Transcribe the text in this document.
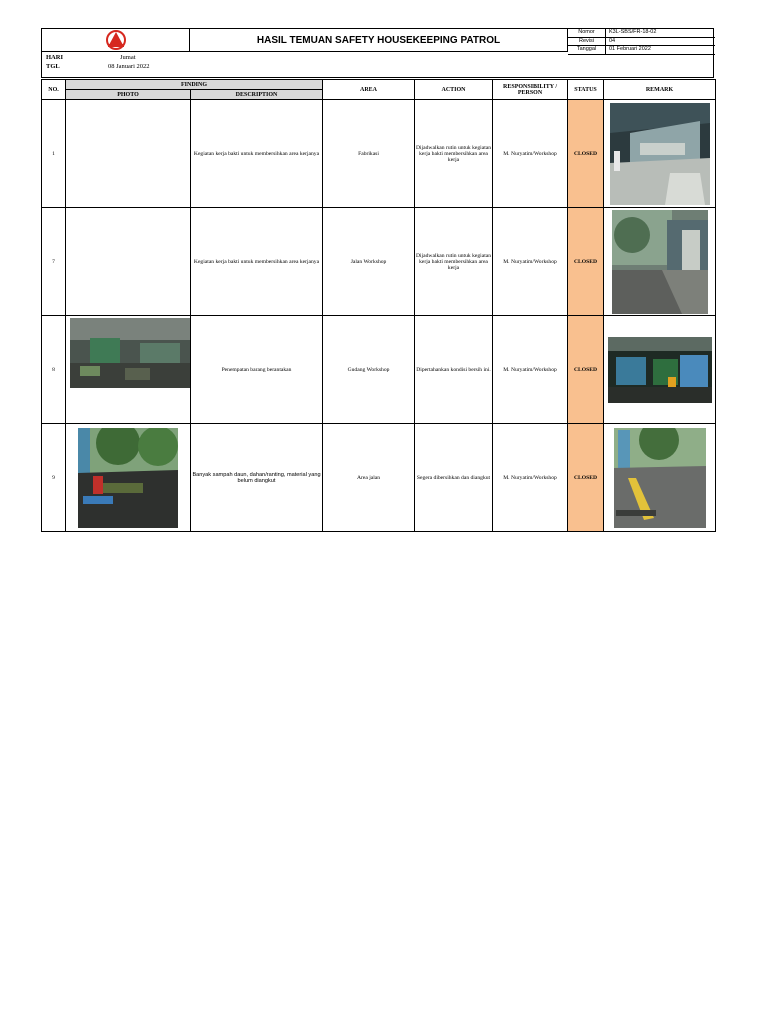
HASIL TEMUAN SAFETY HOUSEKEEPING PATROL
Nomor	K3L-SBS/FR-18-02
Revisi	04
Tanggal	01 Februari 2022
HARI	Jumat
TGL	08 Januari 2022
NO.	FINDING		AREA	ACTION	RESPONSIBILITY / PERSON	STATUS	REMARK
	PHOTO	DESCRIPTION					
1		Kegiatan kerja bakti untuk membersihkan area kerjanya	Fabrikasi	Dijadwalkan rutin untuk kegiatan kerja bakti membersihkan area kerja	M. Nuryatim/Workshop	CLOSED	

7		Kegiatan kerja bakti untuk membersihkan area kerjanya	Jalan Workshop	Dijadwalkan rutin untuk kegiatan kerja bakti membersihkan area kerja	M. Nuryatim/Workshop	CLOSED	

8		Penempatan barang berantakan	Gudang Workshop	Dipertahankan kondisi bersih ini.	M. Nuryatim/Workshop	CLOSED	

9		Banyak sampah daun, dahan/ranting, material yang belum diangkut	Area jalan	Segera dibersihkan dan diangkut	M. Nuryatim/Workshop	CLOSED	
